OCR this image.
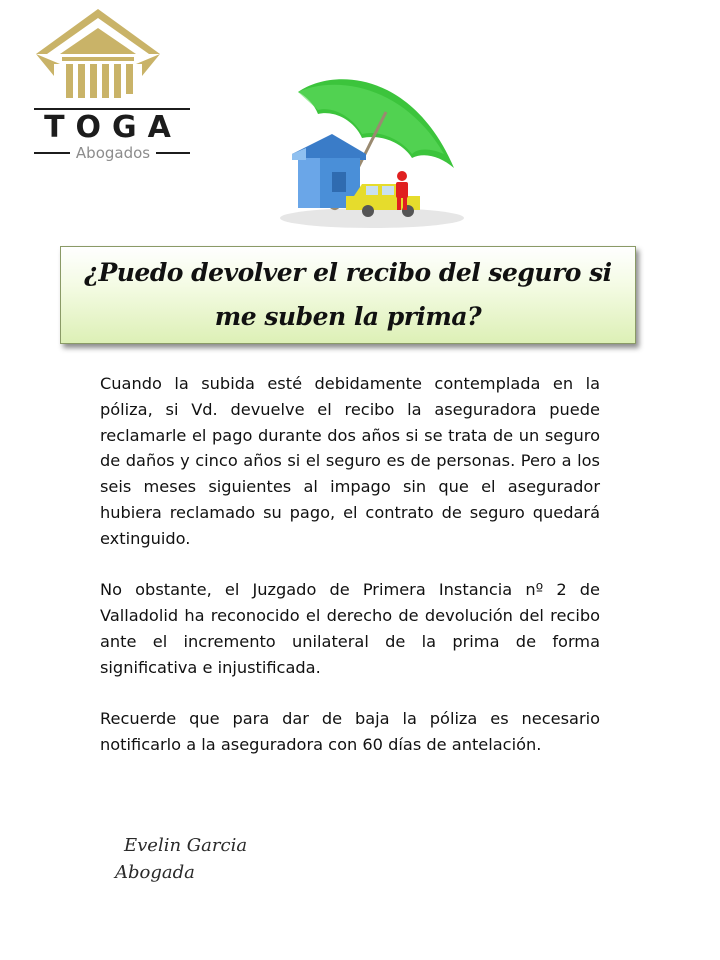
TOGA
Abogados
¿Puedo devolver el recibo del seguro si me suben la prima?

Cuando la subida esté debidamente contemplada en la póliza, si Vd. devuelve el recibo la aseguradora puede reclamarle el pago durante dos años si se trata de un seguro de daños y cinco años si el seguro es de personas. Pero a los seis meses siguientes al impago sin que el asegurador hubiera reclamado su pago, el contrato de seguro quedará extinguido.

No obstante, el Juzgado de Primera Instancia nº 2 de Valladolid ha reconocido el derecho de devolución del recibo ante el incremento unilateral de la prima de forma significativa e injustificada.

Recuerde que para dar de baja la póliza es necesario notificarlo a la aseguradora con 60 días de antelación.

Evelin Garcia
Abogada
